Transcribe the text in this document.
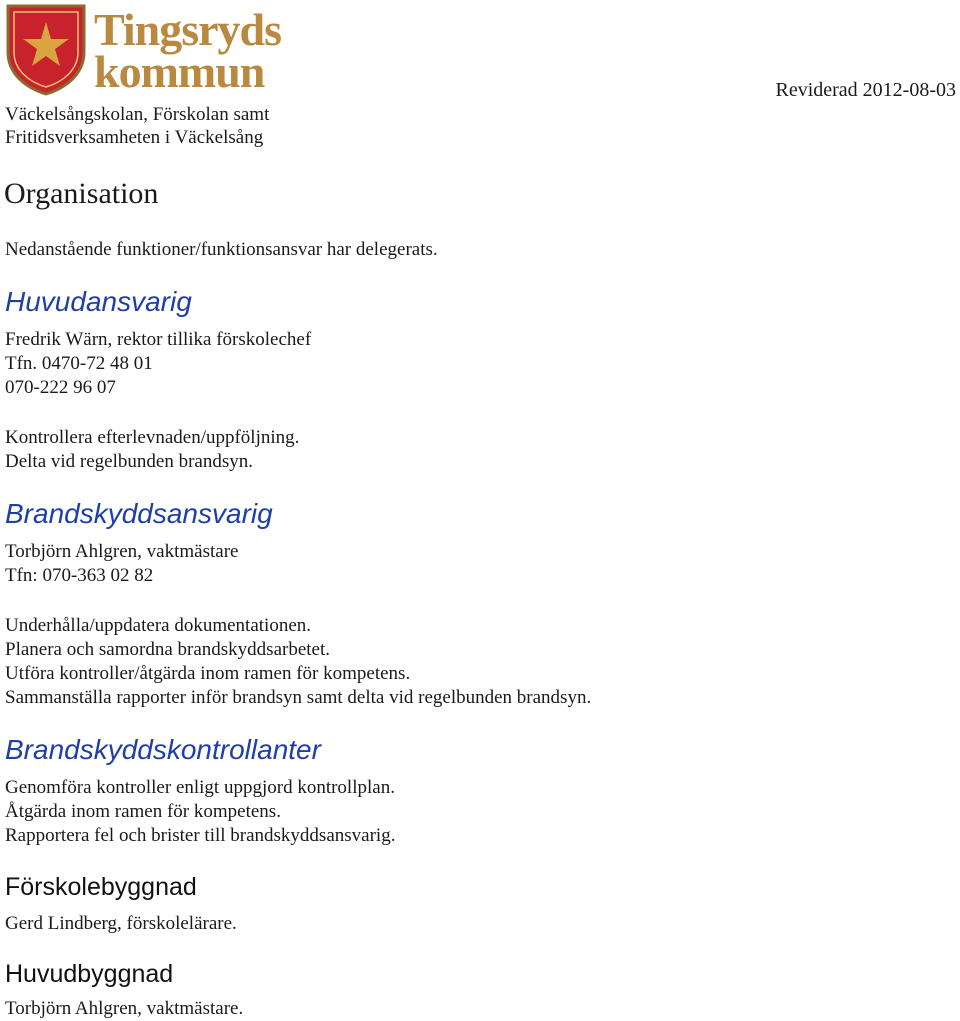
Tingsryds
kommun	Reviderad 2012-08-03
Väckelsångskolan, Förskolan samt
Fritidsverksamheten i Väckelsång
Organisation
Nedanstående funktioner/funktionsansvar har delegerats.
Huvudansvarig
Fredrik Wärn, rektor tillika förskolechef
Tfn. 0470-72 48 01
070-222 96 07
Kontrollera efterlevnaden/uppföljning.
Delta vid regelbunden brandsyn.
Brandskyddsansvarig
Torbjörn Ahlgren, vaktmästare
Tfn: 070-363 02 82
Underhålla/uppdatera dokumentationen.
Planera och samordna brandskyddsarbetet.
Utföra kontroller/åtgärda inom ramen för kompetens.
Sammanställa rapporter inför brandsyn samt delta vid regelbunden brandsyn.
Brandskyddskontrollanter
Genomföra kontroller enligt uppgjord kontrollplan.
Åtgärda inom ramen för kompetens.
Rapportera fel och brister till brandskyddsansvarig.
Förskolebyggnad
Gerd Lindberg, förskolelärare.
Huvudbyggnad
Torbjörn Ahlgren, vaktmästare.
